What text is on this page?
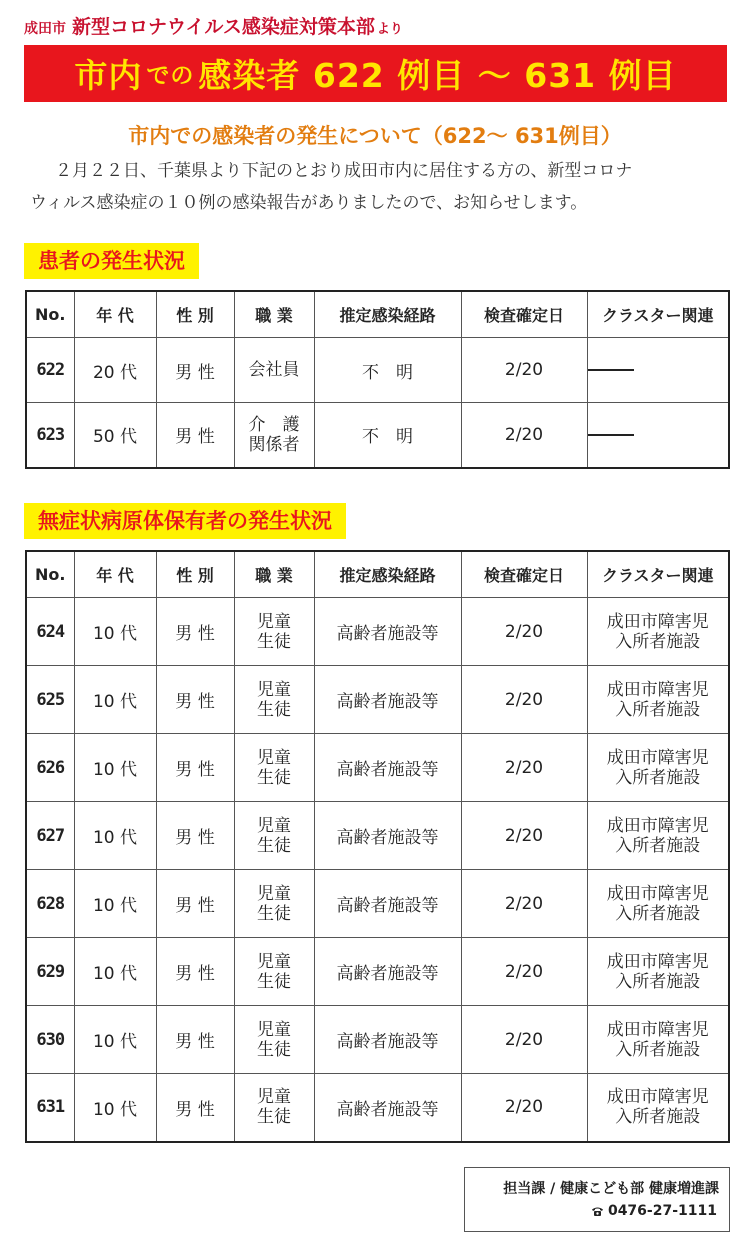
成田市 新型コロナウイルス感染症対策本部 より
市内 での 感染者 622 例目 ～ 631 例目
市内での感染者の発生について（622～ 631例目）
２月２２日、千葉県より下記のとおり成田市内に居住する方の、新型コロナ
ウィルス感染症の１０例の感染報告がありましたので、お知らせします。
患者の発生状況
No.	年 代	性 別	職 業	推定感染経路	検査確定日	クラスター関連
622	20 代	男 性	会社員	不　明	2/20	

623	50 代	男 性	介　護
関係者	不　明	2/20	
無症状病原体保有者の発生状況
No.	年 代	性 別	職 業	推定感染経路	検査確定日	クラスター関連
624	10 代	男 性	児童
生徒	高齢者施設等	2/20	成田市障害児
入所者施設

625	10 代	男 性	児童
生徒	高齢者施設等	2/20	成田市障害児
入所者施設

626	10 代	男 性	児童
生徒	高齢者施設等	2/20	成田市障害児
入所者施設

627	10 代	男 性	児童
生徒	高齢者施設等	2/20	成田市障害児
入所者施設

628	10 代	男 性	児童
生徒	高齢者施設等	2/20	成田市障害児
入所者施設

629	10 代	男 性	児童
生徒	高齢者施設等	2/20	成田市障害児
入所者施設

630	10 代	男 性	児童
生徒	高齢者施設等	2/20	成田市障害児
入所者施設

631	10 代	男 性	児童
生徒	高齢者施設等	2/20	成田市障害児
入所者施設
担当課 / 健康こども部 健康増進課
0476-27-1111
